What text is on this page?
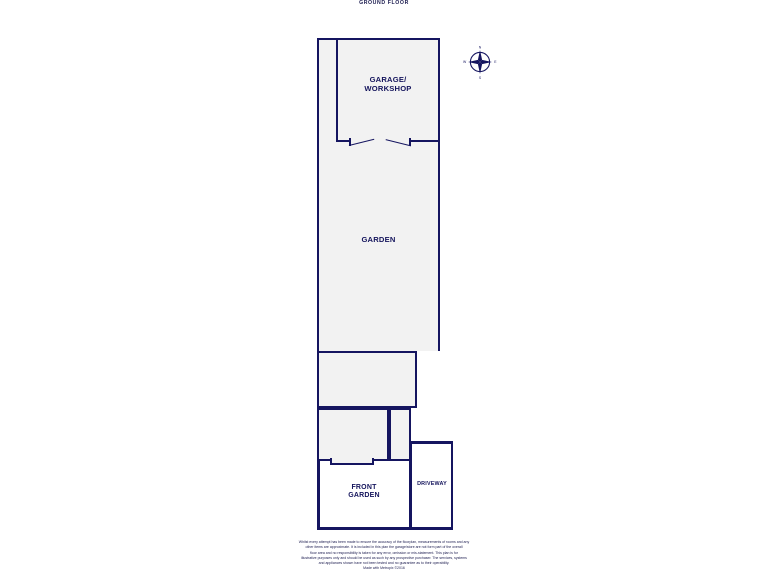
GROUND FLOOR
GARDEN
GARAGE/
WORKSHOP

FRONT
GARDEN
DRIVEWAY
N
E
S
W
Whilst every attempt has been made to ensure the accuracy of the floorplan, measurements of rooms and any
other items are approximate. It is included in this plan the garage/store are not form part of the overall
floor area and no responsibility is taken for any error, omission or mis-statement. This plan is for
illustrative purposes only and should be used as such by any prospective purchaser. The services, systems
and appliances shown have not been tested and no guarantee as to their operability.
Made with Metropix ©2016
